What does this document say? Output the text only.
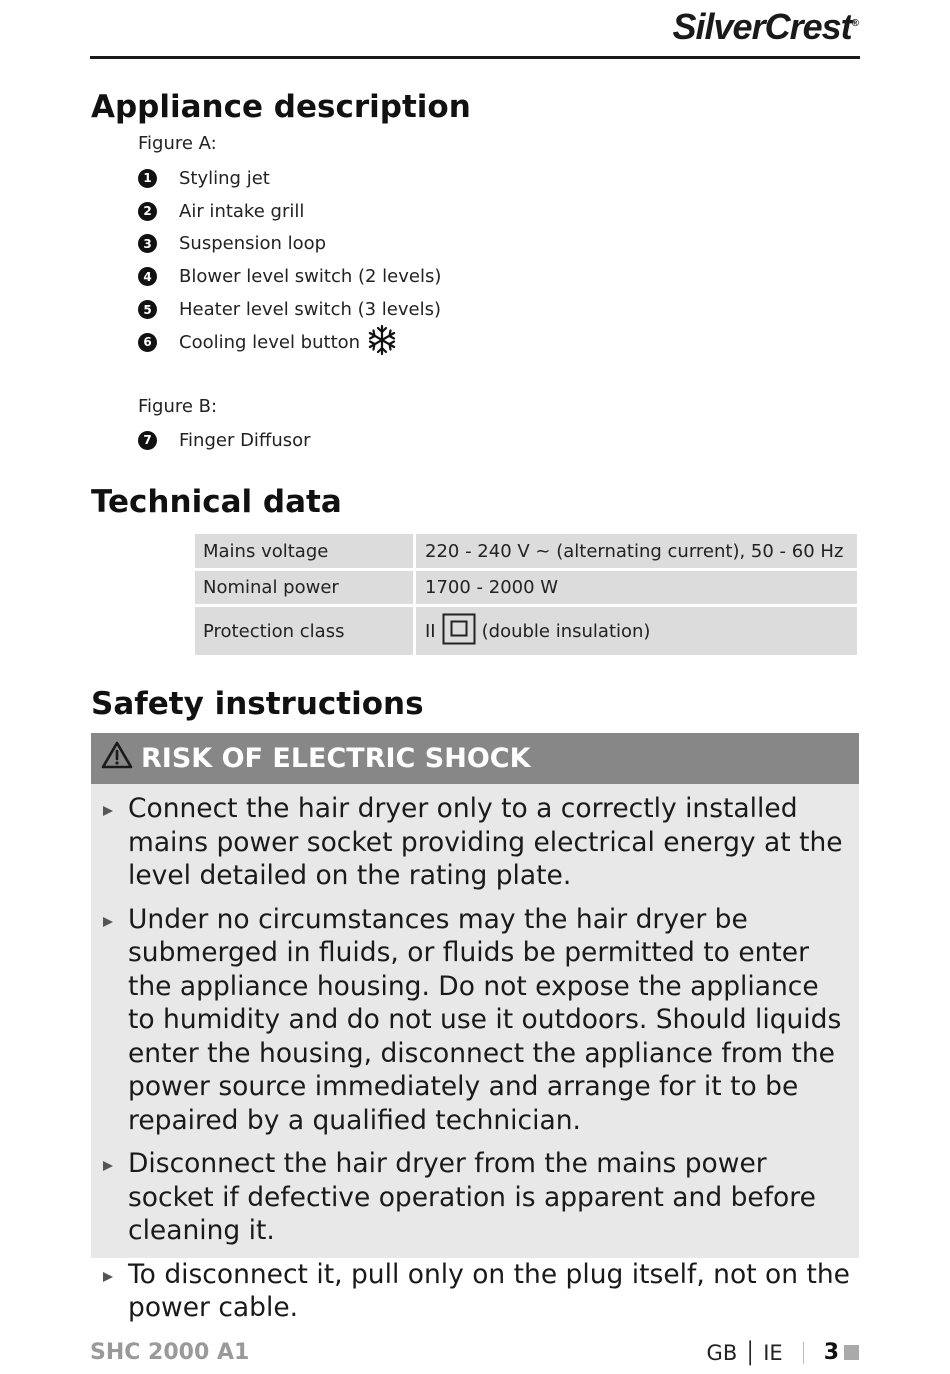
SilverCrest®
Appliance description
Figure A:
1 Styling jet
2 Air intake grill
3 Suspension loop
4 Blower level switch (2 levels)
5 Heater level switch (3 levels)
6 Cooling level button
Figure B:
7 Finger Diffusor
Technical data
Mains voltage	220 - 240 V ~ (alternating current), 50 - 60 Hz
Nominal power	1700 - 2000 W
Protection class	II (double insulation)
Safety instructions
RISK OF ELECTRIC SHOCK
Connect the hair dryer only to a correctly installed mains power socket providing electrical energy at the level detailed on the rating plate.
Under no circumstances may the hair dryer be submerged in fluids, or fluids be permitted to enter the appliance housing. Do not expose the appliance to humidity and do not use it outdoors. Should liquids enter the housing, disconnect the appliance from the power source immediately and arrange for it to be repaired by a qualified technician.
Disconnect the hair dryer from the mains power socket if defective operation is apparent and before cleaning it.
To disconnect it, pull only on the plug itself, not on the power cable.
SHC 2000 A1	GB │ IE 3
